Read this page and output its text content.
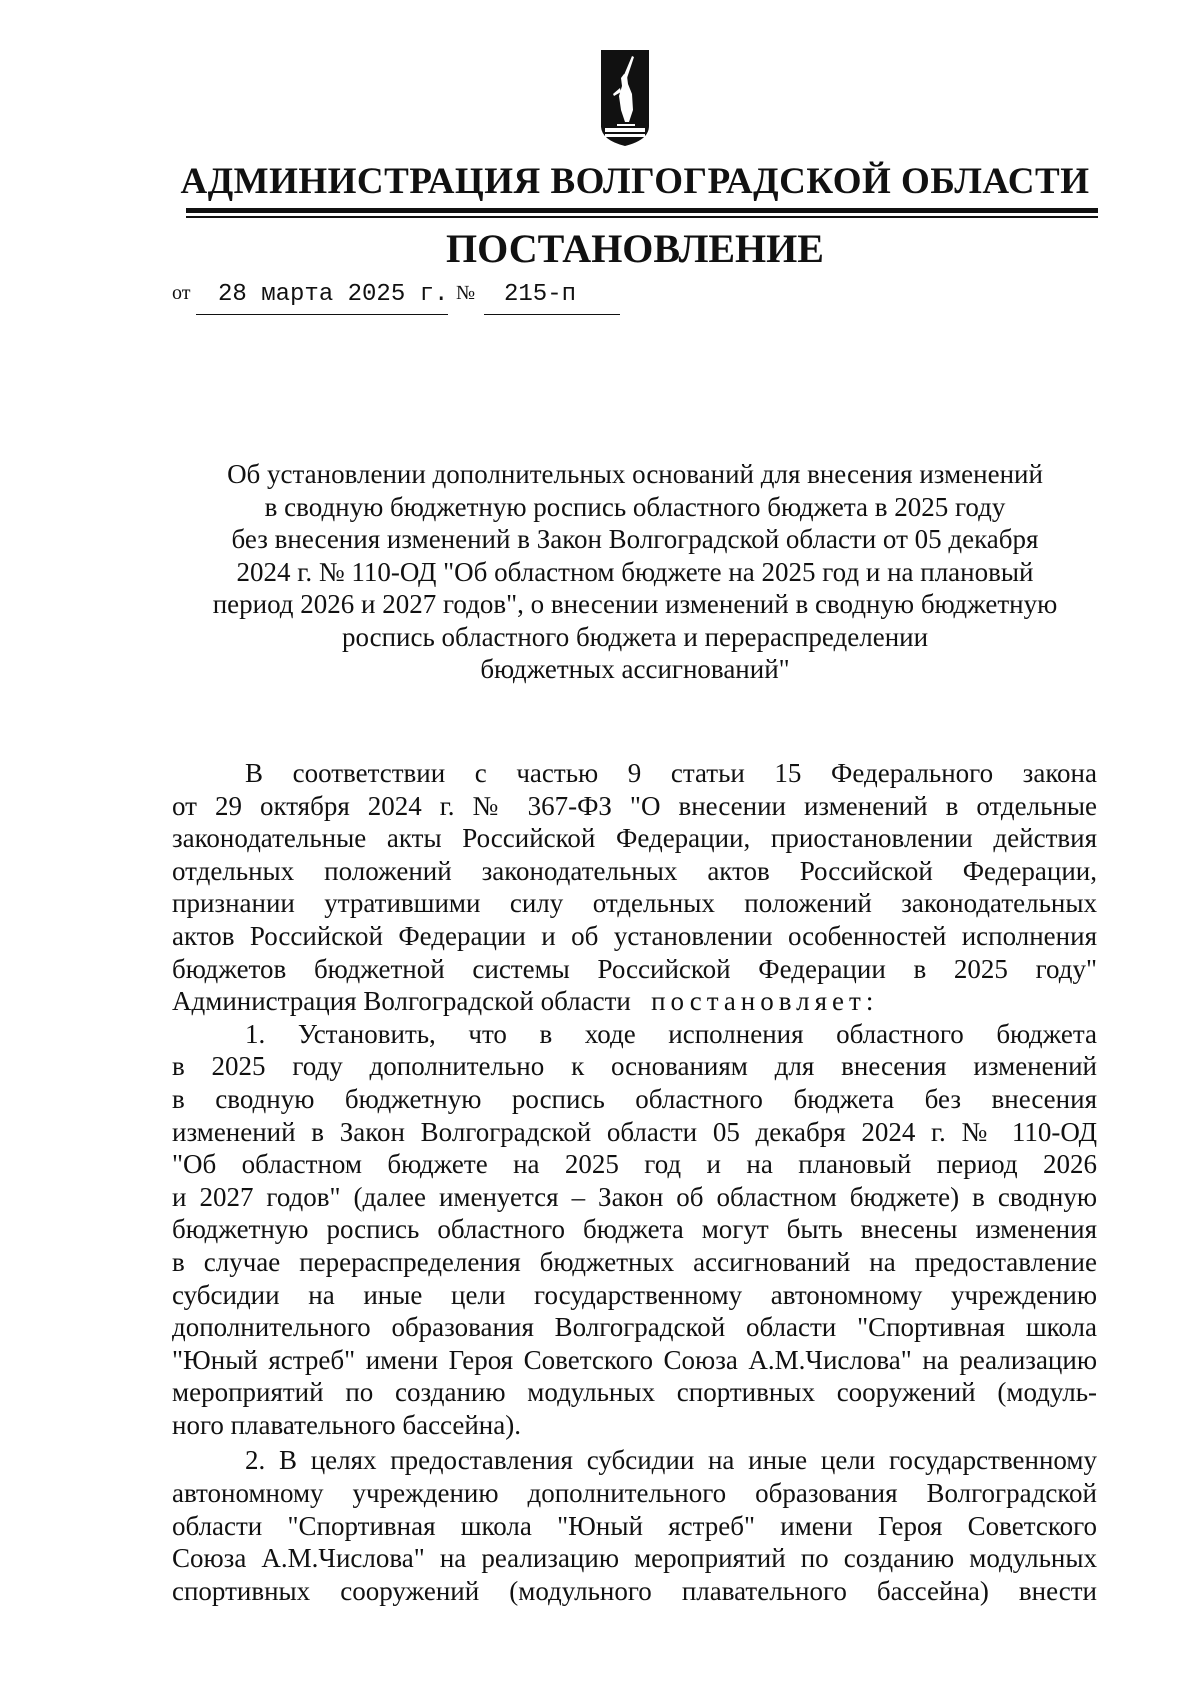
АДМИНИСТРАЦИЯ ВОЛГОГРАДСКОЙ ОБЛАСТИ
ПОСТАНОВЛЕНИЕ
от 28 марта 2025 г. № 215-п
Об установлении дополнительных оснований для внесения изменений
в сводную бюджетную роспись областного бюджета в 2025 году
без внесения изменений в Закон Волгоградской области от 05 декабря
2024 г. № 110-ОД "Об областном бюджете на 2025 год и на плановый
период 2026 и 2027 годов", о внесении изменений в сводную бюджетную
роспись областного бюджета и перераспределении
бюджетных ассигнований"
В соответствии с частью 9 статьи 15 Федерального закона
от 29 октября 2024 г. № 367-ФЗ "О внесении изменений в отдельные
законодательные акты Российской Федерации, приостановлении действия
отдельных положений законодательных актов Российской Федерации,
признании утратившими силу отдельных положений законодательных
актов Российской Федерации и об установлении особенностей исполнения
бюджетов бюджетной системы Российской Федерации в 2025 году"
Администрация Волгоградской области постановляет:
1. Установить, что в ходе исполнения областного бюджета
в 2025 году дополнительно к основаниям для внесения изменений
в сводную бюджетную роспись областного бюджета без внесения
изменений в Закон Волгоградской области 05 декабря 2024 г. № 110-ОД
"Об областном бюджете на 2025 год и на плановый период 2026
и 2027 годов" (далее именуется – Закон об областном бюджете) в сводную
бюджетную роспись областного бюджета могут быть внесены изменения
в случае перераспределения бюджетных ассигнований на предоставление
субсидии на иные цели государственному автономному учреждению
дополнительного образования Волгоградской области "Спортивная школа
"Юный ястреб" имени Героя Советского Союза А.М.Числова" на реализацию
мероприятий по созданию модульных спортивных сооружений (модуль-
ного плавательного бассейна).
2. В целях предоставления субсидии на иные цели государственному
автономному учреждению дополнительного образования Волгоградской
области "Спортивная школа "Юный ястреб" имени Героя Советского
Союза А.М.Числова" на реализацию мероприятий по созданию модульных
спортивных сооружений (модульного плавательного бассейна) внести
